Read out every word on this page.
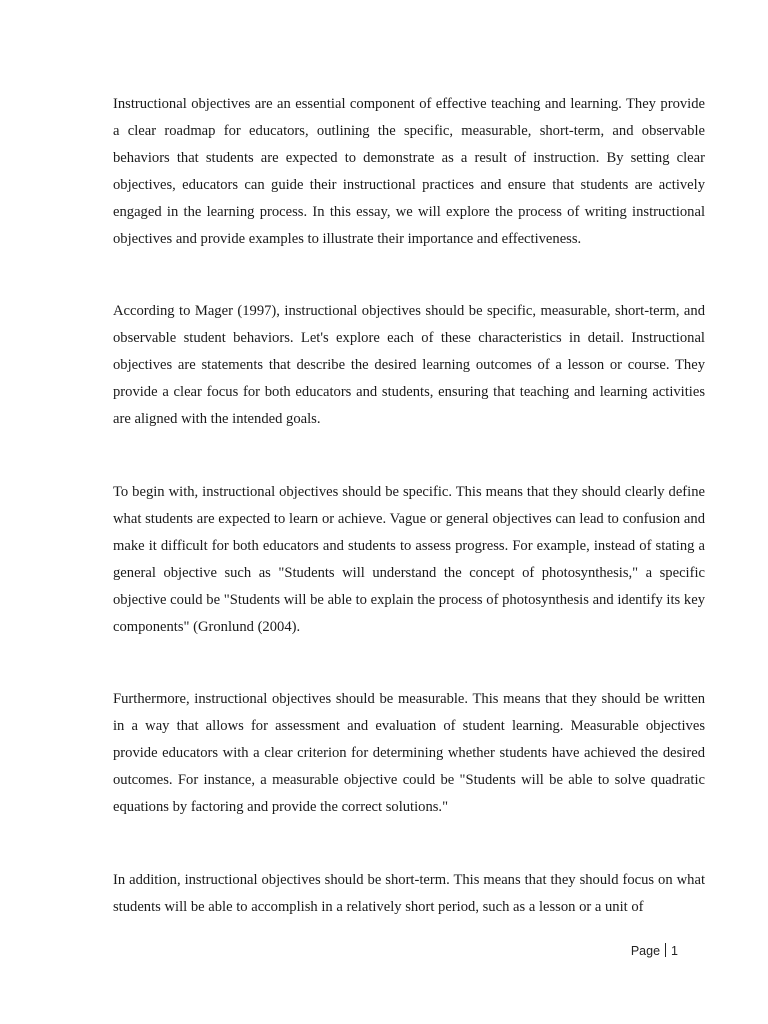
Instructional objectives are an essential component of effective teaching and learning. They provide a clear roadmap for educators, outlining the specific, measurable, short-term, and observable behaviors that students are expected to demonstrate as a result of instruction. By setting clear objectives, educators can guide their instructional practices and ensure that students are actively engaged in the learning process. In this essay, we will explore the process of writing instructional objectives and provide examples to illustrate their importance and effectiveness.

According to Mager (1997), instructional objectives should be specific, measurable, short-term, and observable student behaviors. Let's explore each of these characteristics in detail. Instructional objectives are statements that describe the desired learning outcomes of a lesson or course. They provide a clear focus for both educators and students, ensuring that teaching and learning activities are aligned with the intended goals.

To begin with, instructional objectives should be specific. This means that they should clearly define what students are expected to learn or achieve. Vague or general objectives can lead to confusion and make it difficult for both educators and students to assess progress. For example, instead of stating a general objective such as "Students will understand the concept of photosynthesis," a specific objective could be "Students will be able to explain the process of photosynthesis and identify its key components" (Gronlund (2004).

Furthermore, instructional objectives should be measurable. This means that they should be written in a way that allows for assessment and evaluation of student learning. Measurable objectives provide educators with a clear criterion for determining whether students have achieved the desired outcomes. For instance, a measurable objective could be "Students will be able to solve quadratic equations by factoring and provide the correct solutions."

In addition, instructional objectives should be short-term. This means that they should focus on what students will be able to accomplish in a relatively short period, such as a lesson or a unit of

Page 1
